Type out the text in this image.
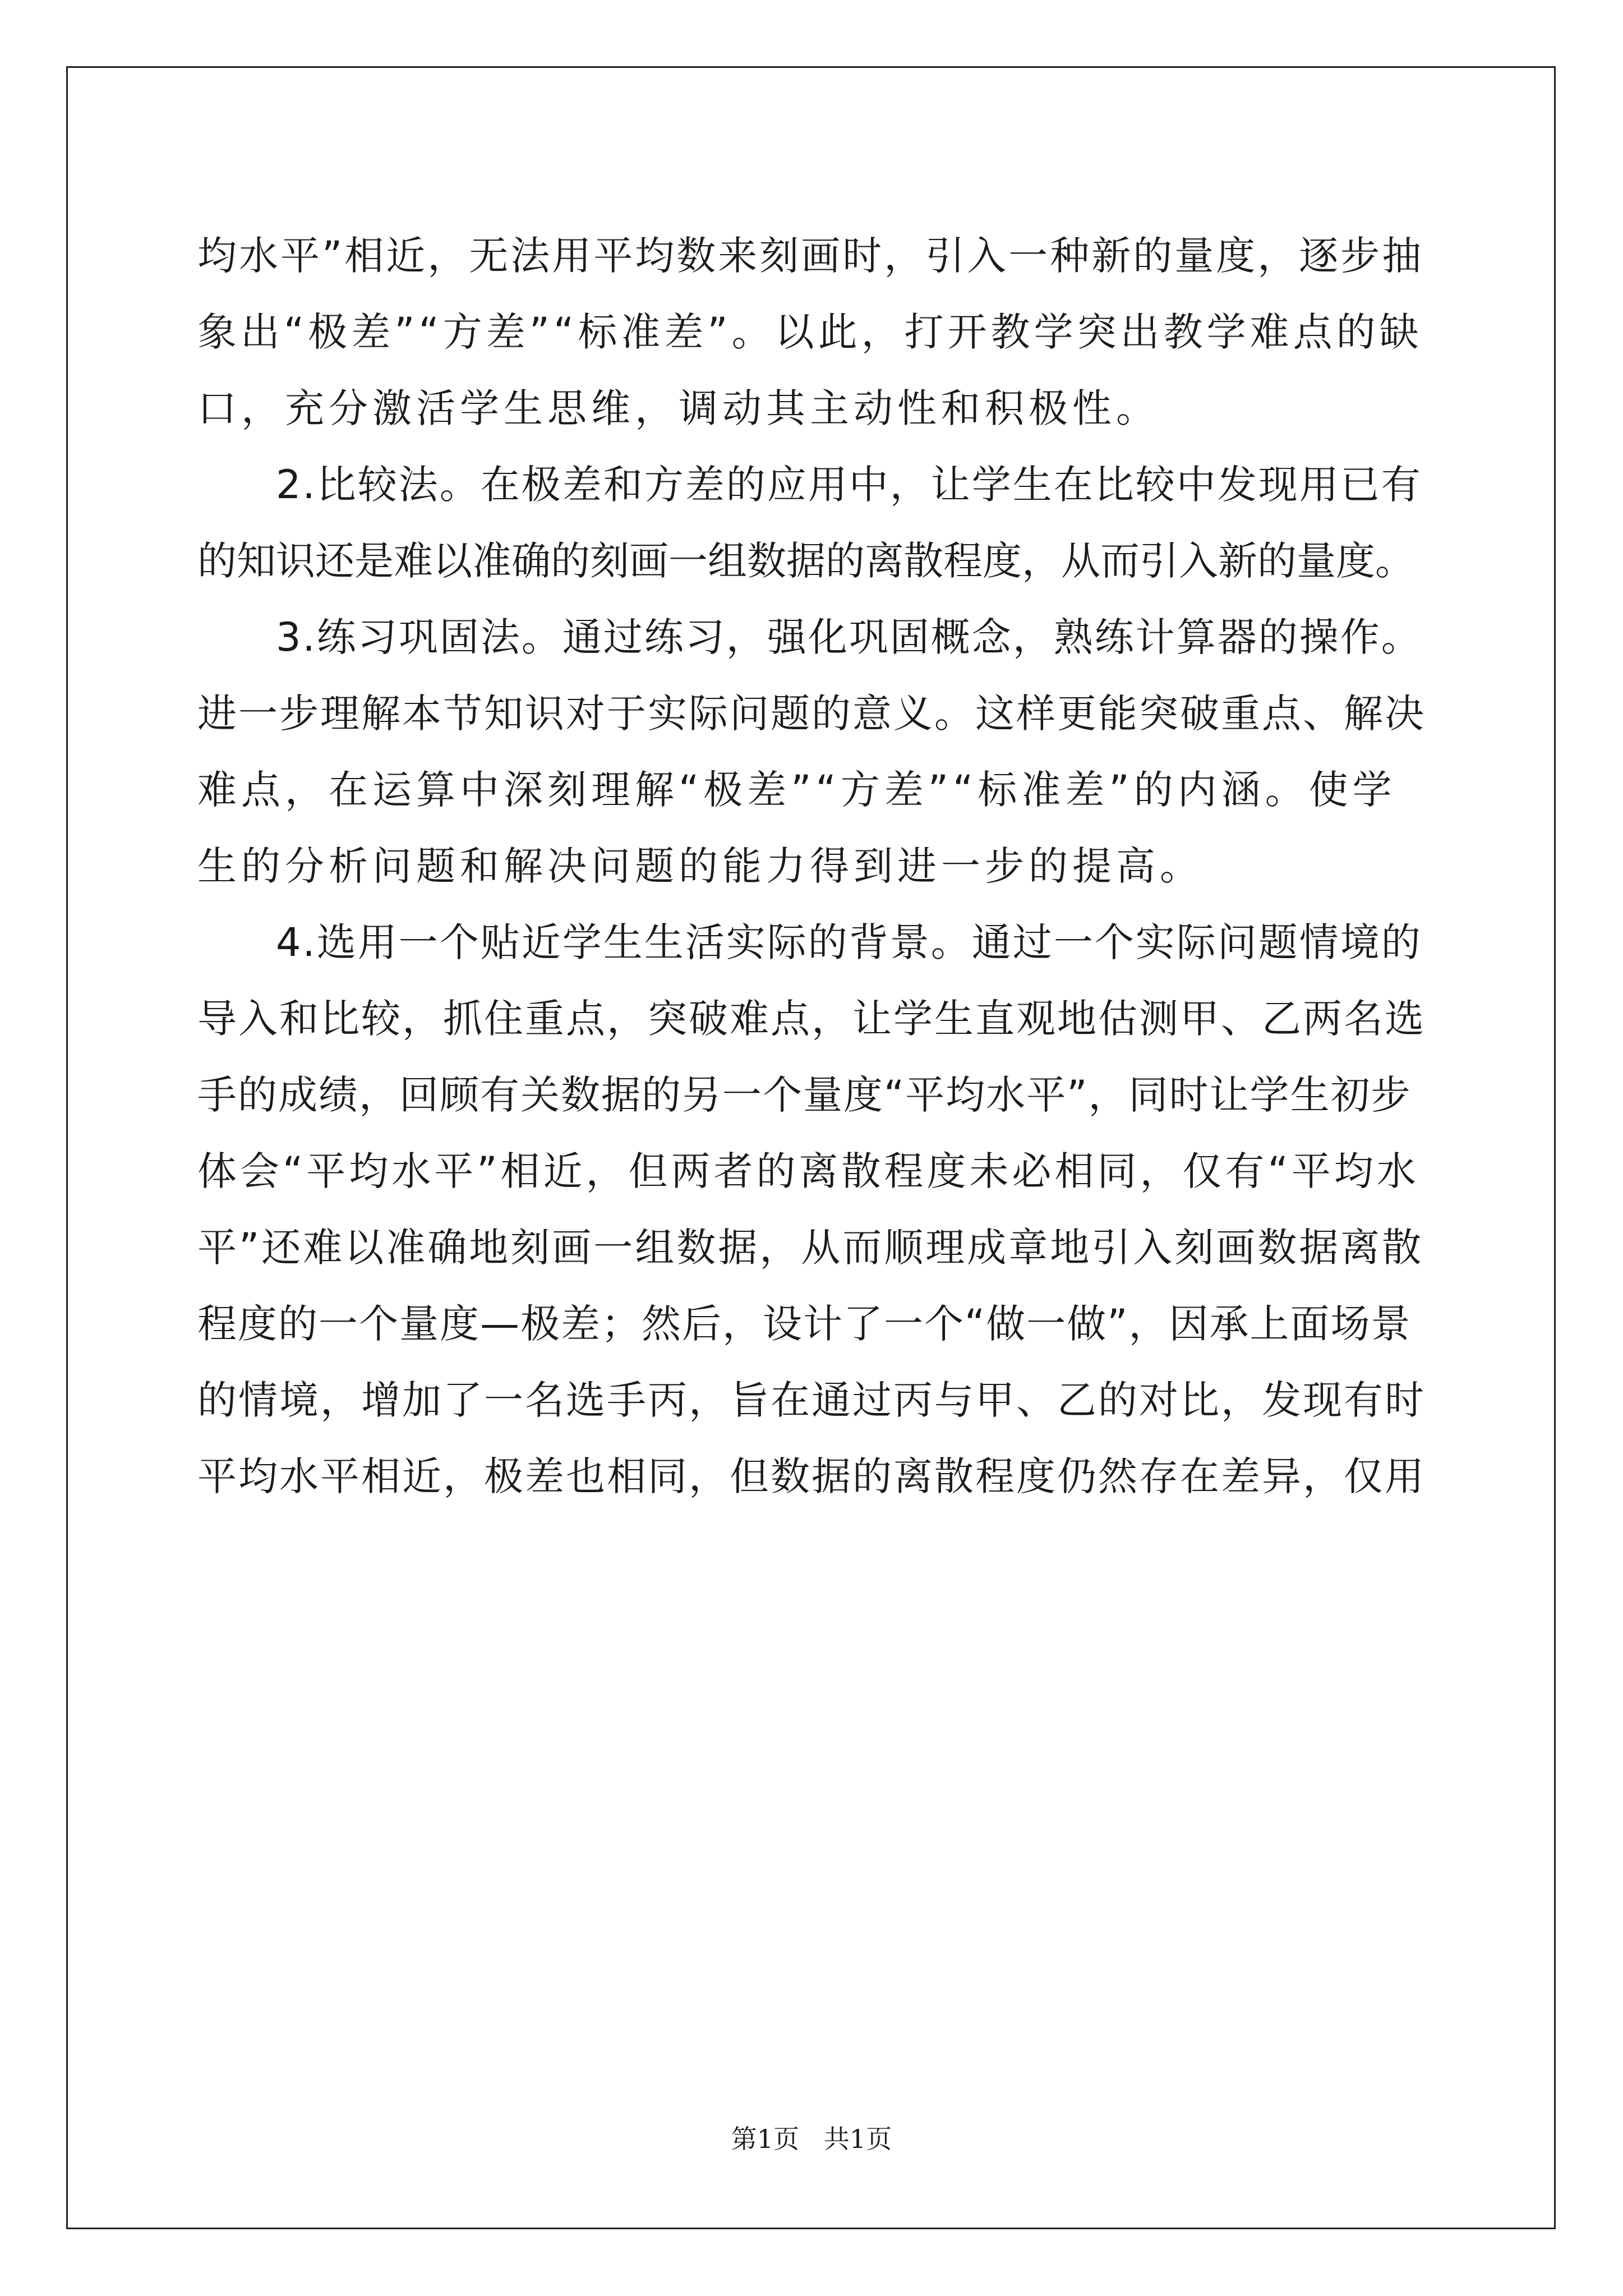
均水平”相近，无法用平均数来刻画时，引入一种新的量度，逐步抽
象出“极差”“方差”“标准差”。以此，打开教学突出教学难点的缺
口，充分激活学生思维，调动其主动性和积极性。
2.比较法。在极差和方差的应用中，让学生在比较中发现用已有
的知识还是难以准确的刻画一组数据的离散程度，从而引入新的量度。
3.练习巩固法。通过练习，强化巩固概念，熟练计算器的操作。
进一步理解本节知识对于实际问题的意义。这样更能突破重点、解决
难点，在运算中深刻理解“极差”“方差”“标准差”的内涵。使学
生的分析问题和解决问题的能力得到进一步的提高。
4.选用一个贴近学生生活实际的背景。通过一个实际问题情境的
导入和比较，抓住重点，突破难点，让学生直观地估测甲、乙两名选
手的成绩，回顾有关数据的另一个量度“平均水平”，同时让学生初步
体会“平均水平”相近，但两者的离散程度未必相同，仅有“平均水
平”还难以准确地刻画一组数据，从而顺理成章地引入刻画数据离散
程度的一个量度—极差；然后，设计了一个“做一做”，因承上面场景
的情境，增加了一名选手丙，旨在通过丙与甲、乙的对比，发现有时
平均水平相近，极差也相同，但数据的离散程度仍然存在差异，仅用
第1页   共1页
